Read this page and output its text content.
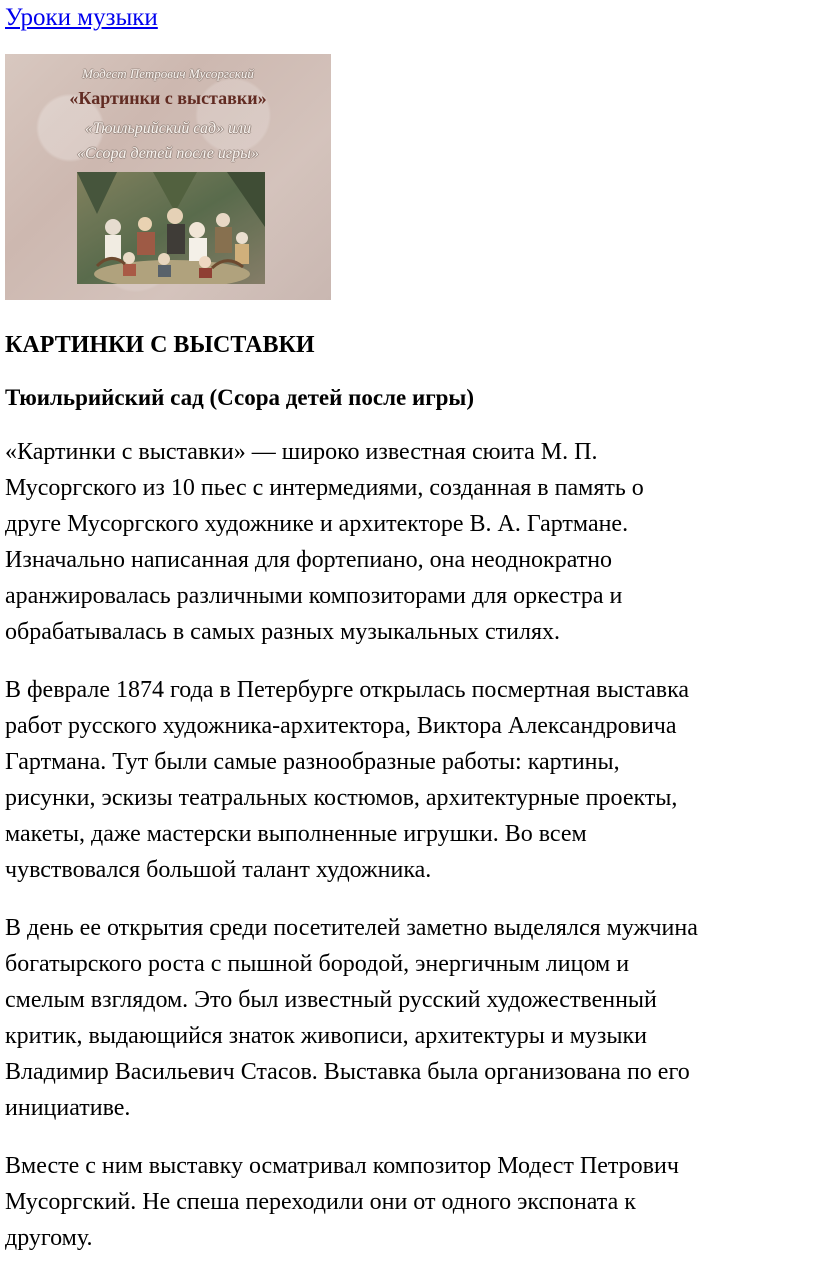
Уроки музыки
Модест Петрович Мусоргский
«Картинки с выставки»
«Тюильрийский сад» или
«Ссора детей после игры»
КАРТИНКИ С ВЫСТАВКИ
Тюильрийский сад (Ссора детей после игры)

«Картинки с выставки» — широко известная сюита М. П.
Мусоргского из 10 пьес с интермедиями, созданная в память о
друге Мусоргского художнике и архитекторе В. А. Гартмане.
Изначально написанная для фортепиано, она неоднократно
аранжировалась различными композиторами для оркестра и
обрабатывалась в самых разных музыкальных стилях.

В феврале 1874 года в Петербурге открылась посмертная выставка
работ русского художника-архитектора, Виктора Александровича
Гартмана. Тут были самые разнообразные работы: картины,
рисунки, эскизы театральных костюмов, архитектурные проекты,
макеты, даже мастерски выполненные игрушки. Во всем
чувствовался большой талант художника.

В день ее открытия среди посетителей заметно выделялся мужчина
богатырского роста с пышной бородой, энергичным лицом и
смелым взглядом. Это был известный русский художественный
критик, выдающийся знаток живописи, архитектуры и музыки
Владимир Васильевич Стасов. Выставка была организована по его
инициативе.

Вместе с ним выставку осматривал композитор Модест Петрович
Мусоргский. Не спеша переходили они от одного экспоната к
другому.
